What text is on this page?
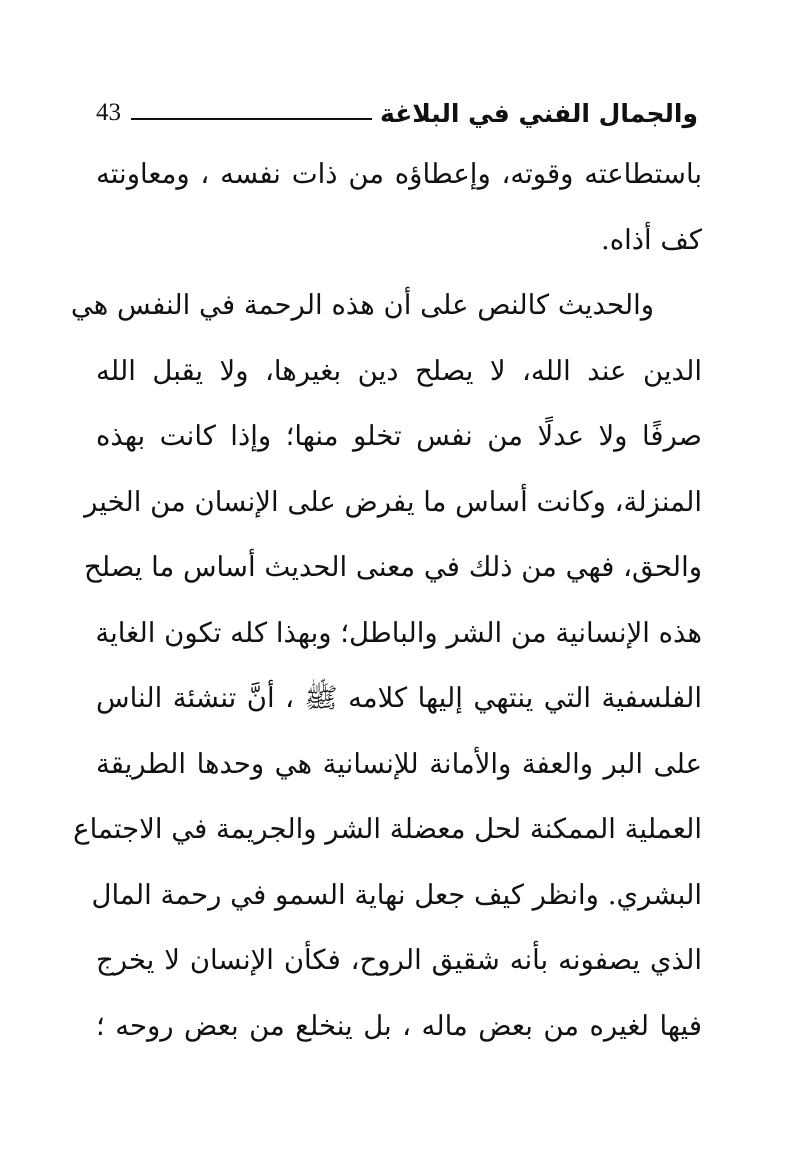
والجمال الفني في البلاغة
43
باستطاعته وقوته، وإعطاؤه من ذات نفسه ، ومعاونته
كف أذاه.
والحديث كالنص على أن هذه الرحمة في النفس هي
الدين عند الله، لا يصلح دين بغيرها، ولا يقبل الله
صرفًا ولا عدلًا من نفس تخلو منها؛ وإذا كانت بهذه
المنزلة، وكانت أساس ما يفرض على الإنسان من الخير
والحق، فهي من ذلك في معنى الحديث أساس ما يصلح
هذه الإنسانية من الشر والباطل؛ وبهذا كله تكون الغاية
الفلسفية التي ينتهي إليها كلامه ﷺ ، أنَّ تنشئة الناس
على البر والعفة والأمانة للإنسانية هي وحدها الطريقة
العملية الممكنة لحل معضلة الشر والجريمة في الاجتماع
البشري. وانظر كيف جعل نهاية السمو في رحمة المال
الذي يصفونه بأنه شقيق الروح، فكأن الإنسان لا يخرج
فيها لغيره من بعض ماله ، بل ينخلع من بعض روحه ؛
